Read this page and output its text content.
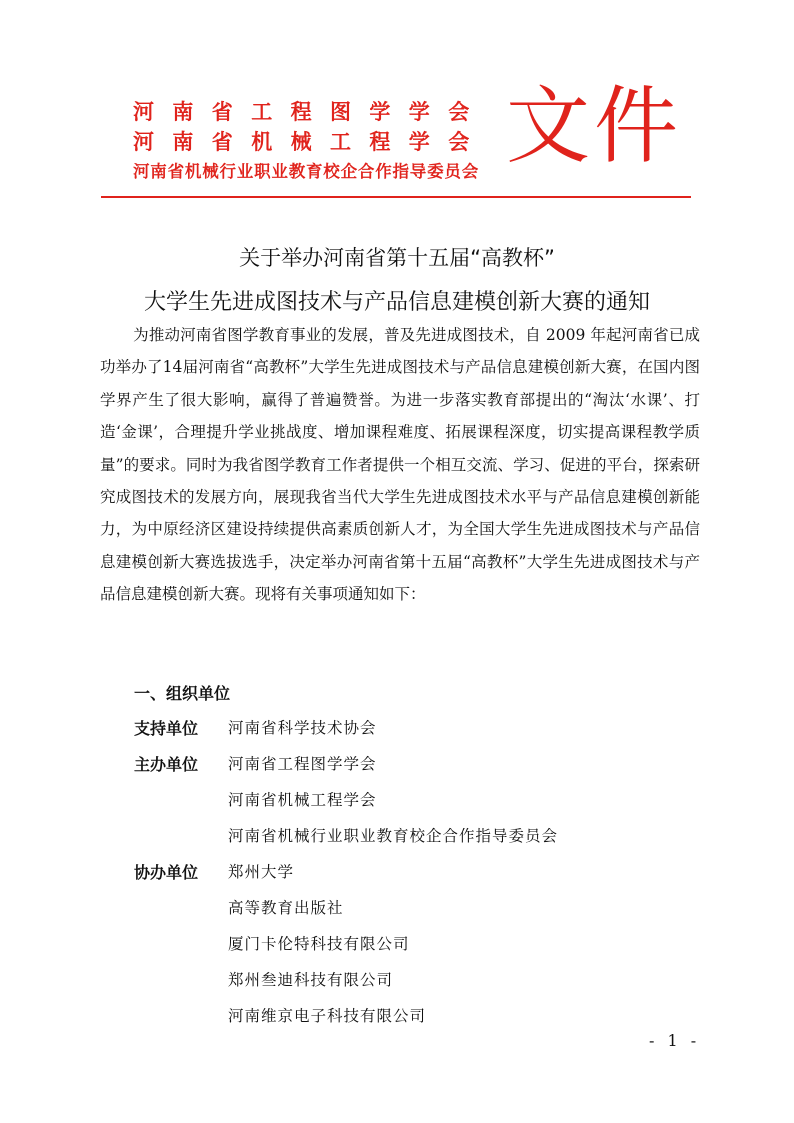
河南省工程图学学会
河南省机械工程学会
河南省机械行业职业教育校企合作指导委员会 文件
关于举办河南省第十五届“高教杯”
大学生先进成图技术与产品信息建模创新大赛的通知
为推动河南省图学教育事业的发展，普及先进成图技术，自 2009 年起河南省已成功举办了14届河南省“高教杯”大学生先进成图技术与产品信息建模创新大赛，在国内图学界产生了很大影响，赢得了普遍赞誉。为进一步落实教育部提出的“淘汰‘水课’、打造‘金课’，合理提升学业挑战度、增加课程难度、拓展课程深度，切实提高课程教学质量”的要求。同时为我省图学教育工作者提供一个相互交流、学习、促进的平台，探索研究成图技术的发展方向，展现我省当代大学生先进成图技术水平与产品信息建模创新能力，为中原经济区建设持续提供高素质创新人才，为全国大学生先进成图技术与产品信息建模创新大赛选拔选手，决定举办河南省第十五届“高教杯”大学生先进成图技术与产品信息建模创新大赛。现将有关事项通知如下：
一、组织单位
支持单位 河南省科学技术协会
主办单位 河南省工程图学学会
河南省机械工程学会
河南省机械行业职业教育校企合作指导委员会
协办单位 郑州大学
高等教育出版社
厦门卡伦特科技有限公司
郑州叁迪科技有限公司
河南维京电子科技有限公司
- 1 -
